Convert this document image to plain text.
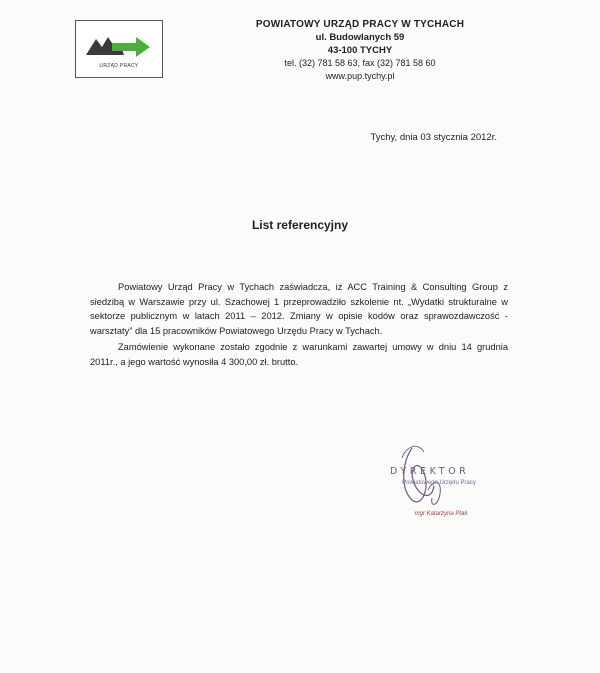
URZĄD PRACY
POWIATOWY URZĄD PRACY W TYCHACH
ul. Budowlanych 59
43-100 TYCHY
tel. (32) 781 58 63, fax (32) 781 58 60
www.pup.tychy.pl
Tychy, dnia 03 stycznia 2012r.
List referencyjny

Powiatowy Urząd Pracy w Tychach zaświadcza, iż ACC Training & Consulting Group z siedzibą w Warszawie przy ul. Szachowej 1 przeprowadziło szkolenie nt. „Wydatki strukturalne w sektorze publicznym w latach 2011 – 2012. Zmiany w opisie kodów oraz sprawozdawczość - warsztaty” dla 15 pracowników Powiatowego Urzędu Pracy w Tychach.

Zamówienie wykonane zostało zgodnie z warunkami zawartej umowy w dniu 14 grudnia 2011r., a jego wartość wynosiła 4 300,00 zł. brutto.

DYREKTOR
Powiatowego Urzędu Pracy
mgr Katarzyna Ptak
